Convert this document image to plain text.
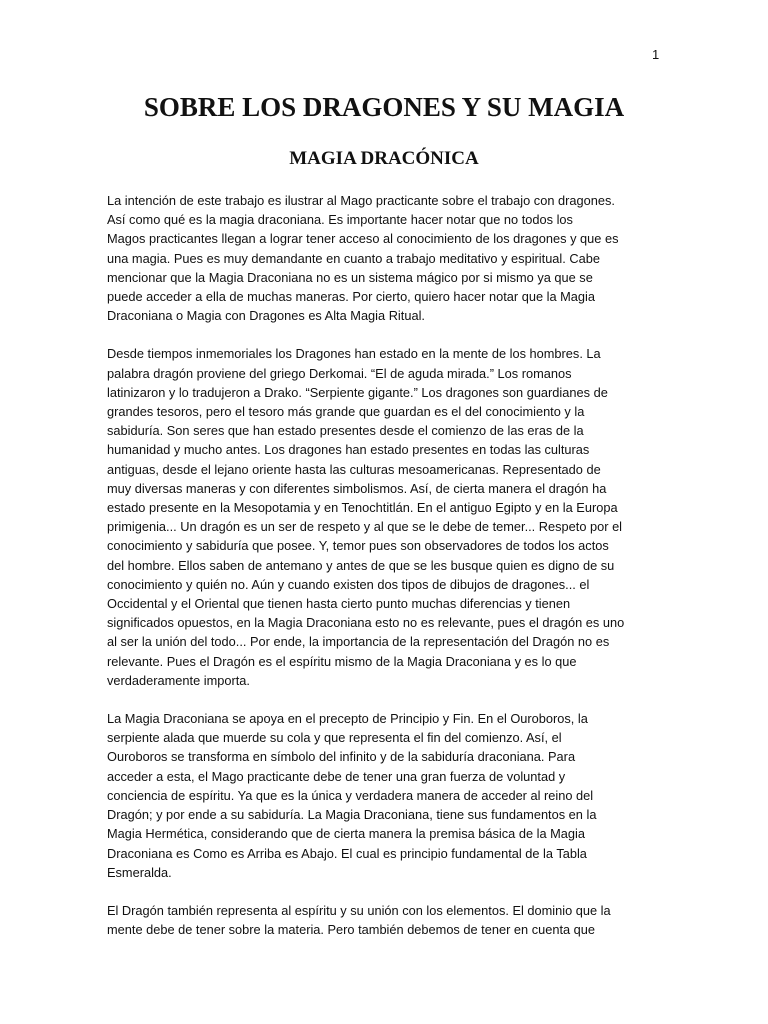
1
SOBRE LOS DRAGONES Y SU MAGIA
MAGIA DRACÓNICA

La intención de este trabajo es ilustrar al Mago practicante sobre el trabajo con dragones.
Así como qué es la magia draconiana. Es importante hacer notar que no todos los
Magos practicantes llegan a lograr tener acceso al conocimiento de los dragones y que es
una magia. Pues es muy demandante en cuanto a trabajo meditativo y espiritual. Cabe
mencionar que la Magia Draconiana no es un sistema mágico por si mismo ya que se
puede acceder a ella de muchas maneras. Por cierto, quiero hacer notar que la Magia
Draconiana o Magia con Dragones es Alta Magia Ritual.

Desde tiempos inmemoriales los Dragones han estado en la mente de los hombres. La
palabra dragón proviene del griego Derkomai. “El de aguda mirada.” Los romanos
latinizaron y lo tradujeron a Drako. “Serpiente gigante.” Los dragones son guardianes de
grandes tesoros, pero el tesoro más grande que guardan es el del conocimiento y la
sabiduría. Son seres que han estado presentes desde el comienzo de las eras de la
humanidad y mucho antes. Los dragones han estado presentes en todas las culturas
antiguas, desde el lejano oriente hasta las culturas mesoamericanas. Representado de
muy diversas maneras y con diferentes simbolismos. Así, de cierta manera el dragón ha
estado presente en la Mesopotamia y en Tenochtitlán. En el antiguo Egipto y en la Europa
primigenia... Un dragón es un ser de respeto y al que se le debe de temer... Respeto por el
conocimiento y sabiduría que posee. Y, temor pues son observadores de todos los actos
del hombre. Ellos saben de antemano y antes de que se les busque quien es digno de su
conocimiento y quién no. Aún y cuando existen dos tipos de dibujos de dragones... el
Occidental y el Oriental que tienen hasta cierto punto muchas diferencias y tienen
significados opuestos, en la Magia Draconiana esto no es relevante, pues el dragón es uno
al ser la unión del todo... Por ende, la importancia de la representación del Dragón no es
relevante. Pues el Dragón es el espíritu mismo de la Magia Draconiana y es lo que
verdaderamente importa.

La Magia Draconiana se apoya en el precepto de Principio y Fin. En el Ouroboros, la
serpiente alada que muerde su cola y que representa el fin del comienzo. Así, el
Ouroboros se transforma en símbolo del infinito y de la sabiduría draconiana. Para
acceder a esta, el Mago practicante debe de tener una gran fuerza de voluntad y
conciencia de espíritu. Ya que es la única y verdadera manera de acceder al reino del
Dragón; y por ende a su sabiduría. La Magia Draconiana, tiene sus fundamentos en la
Magia Hermética, considerando que de cierta manera la premisa básica de la Magia
Draconiana es Como es Arriba es Abajo. El cual es principio fundamental de la Tabla
Esmeralda.

El Dragón también representa al espíritu y su unión con los elementos. El dominio que la
mente debe de tener sobre la materia. Pero también debemos de tener en cuenta que
